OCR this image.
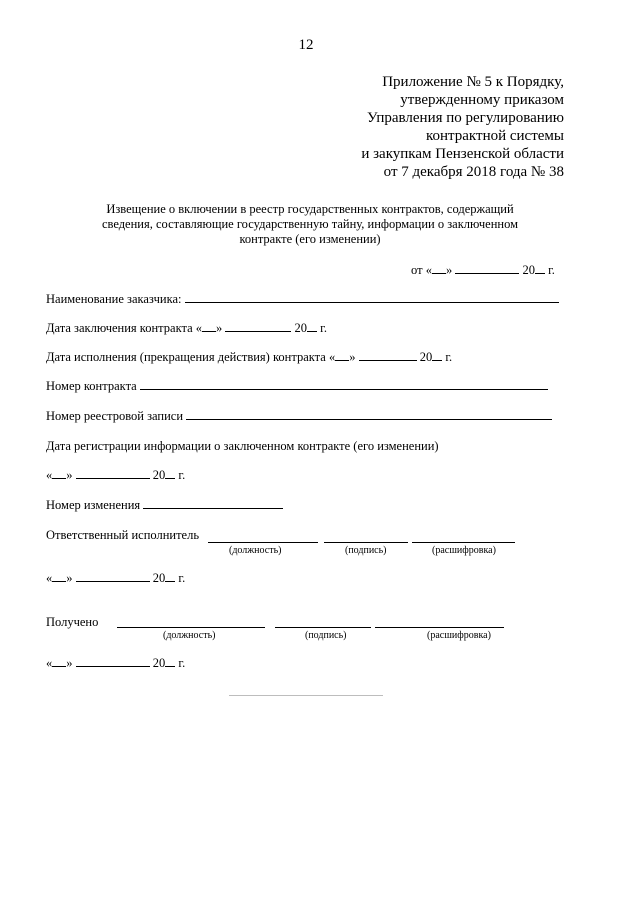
12
Приложение № 5 к Порядку,
утвержденному приказом
Управления по регулированию
контрактной системы
и закупкам Пензенской области
от 7 декабря 2018 года № 38
Извещение о включении в реестр государственных контрактов, содержащий
сведения, составляющие государственную тайну, информации о заключенном
контракте (его изменении)
от « »	20 г.
Наименование заказчика:
Дата заключения контракта « »	20 г.
Дата исполнения (прекращения действия) контракта « »	20 г.
Номер контракта
Номер реестровой записи
Дата регистрации информации о заключенном контракте (его изменении)
« »	20 г.
Номер изменения
Ответственный исполнитель
(должность)	(подпись)	(расшифровка)
« »	20 г.
Получено
(должность)	(подпись)	(расшифровка)
« »	20 г.
